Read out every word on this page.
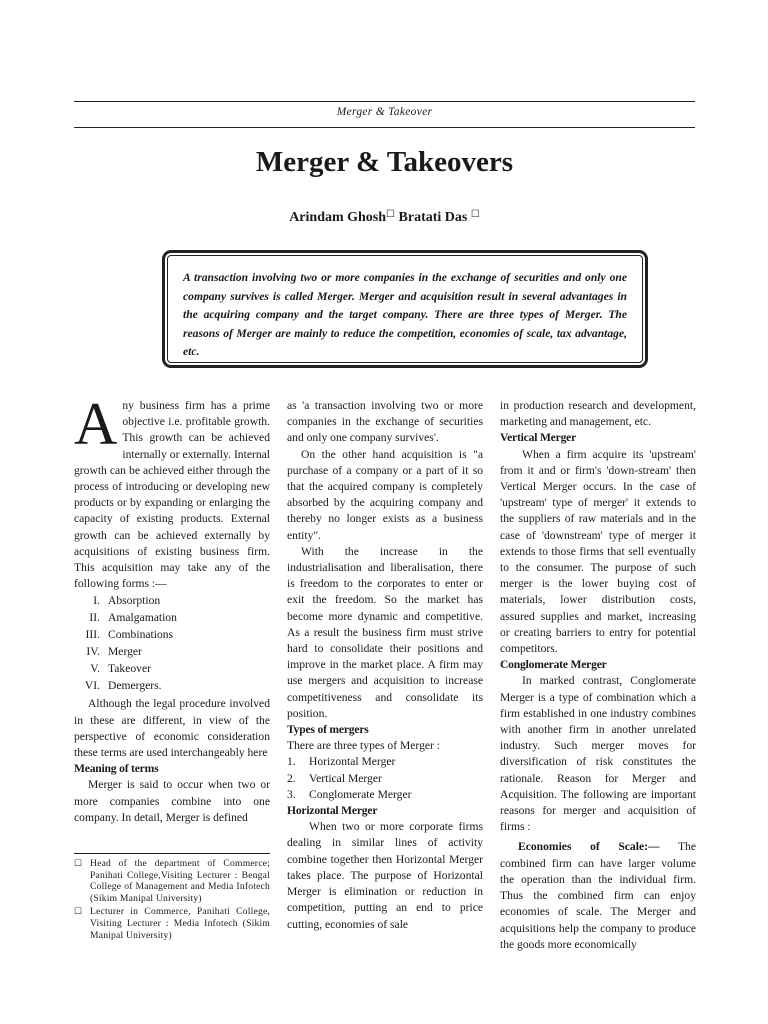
Merger & Takeover
Merger & Takeovers
Arindam Ghosh☐ Bratati Das ☐

A transaction involving two or more companies in the exchange of securities and only one company survives is called Merger. Merger and acquisition result in several advantages in the acquiring company and the target company. There are three types of Merger. The reasons of Merger are mainly to reduce the competition, economies of scale, tax advantage, etc.

Any business firm has a prime objective i.e. profitable growth. This growth can be achieved internally or externally. Internal growth can be achieved either through the process of introducing or developing new products or by expanding or enlarging the capacity of existing products. External growth can be achieved externally by acquisitions of existing business firm. This acquisition may take any of the following forms :—

I. Absorption
II. Amalgamation
III. Combinations
IV. Merger
V. Takeover
VI. Demergers.

Although the legal procedure involved in these are different, in view of the perspective of economic consideration these terms are used interchangeably here

Meaning of terms

Merger is said to occur when two or more companies combine into one company. In detail, Merger is defined

☐ Head of the department of Commerce; Panihati College,Visiting Lecturer : Bengal College of Management and Media Infotech (Sikim Manipal University)
☐ Lecturer in Commerce, Panihati College, Visiting Lecturer : Media Infotech (Sikim Manipal University)

as 'a transaction involving two or more companies in the exchange of securities and only one company survives'.

On the other hand acquisition is "a purchase of a company or a part of it so that the acquired company is completely absorbed by the acquiring company and thereby no longer exists as a business entity".

With the increase in the industrialisation and liberalisation, there is freedom to the corporates to enter or exit the freedom. So the market has become more dynamic and competitive. As a result the business firm must strive hard to consolidate their positions and improve in the market place. A firm may use mergers and acquisition to increase competitiveness and consolidate its position.

Types of mergers

There are three types of Merger :

1. Horizontal Merger
2. Vertical Merger
3. Conglomerate Merger

Horizontal Merger

When two or more corporate firms dealing in similar lines of activity combine together then Horizontal Merger takes place. The purpose of Horizontal Merger is elimination or reduction in competition, putting an end to price cutting, economies of sale

in production research and development, marketing and management, etc.

Vertical Merger

When a firm acquire its 'upstream' from it and or firm's 'down-stream' then Vertical Merger occurs. In the case of 'upstream' type of merger' it extends to the suppliers of raw materials and in the case of 'downstream' type of merger it extends to those firms that sell eventually to the consumer. The purpose of such merger is the lower buying cost of materials, lower distribution costs, assured supplies and market, increasing or creating barriers to entry for potential competitors.

Conglomerate Merger

In marked contrast, Conglomerate Merger is a type of combination which a firm established in one industry combines with another firm in another unrelated industry. Such merger moves for diversification of risk constitutes the rationale. Reason for Merger and Acquisition. The following are important reasons for merger and acquisition of firms :

Economies of Scale:— The combined firm can have larger volume the operation than the individual firm. Thus the combined firm can enjoy economies of scale. The Merger and acquisitions help the company to produce the goods more economically
